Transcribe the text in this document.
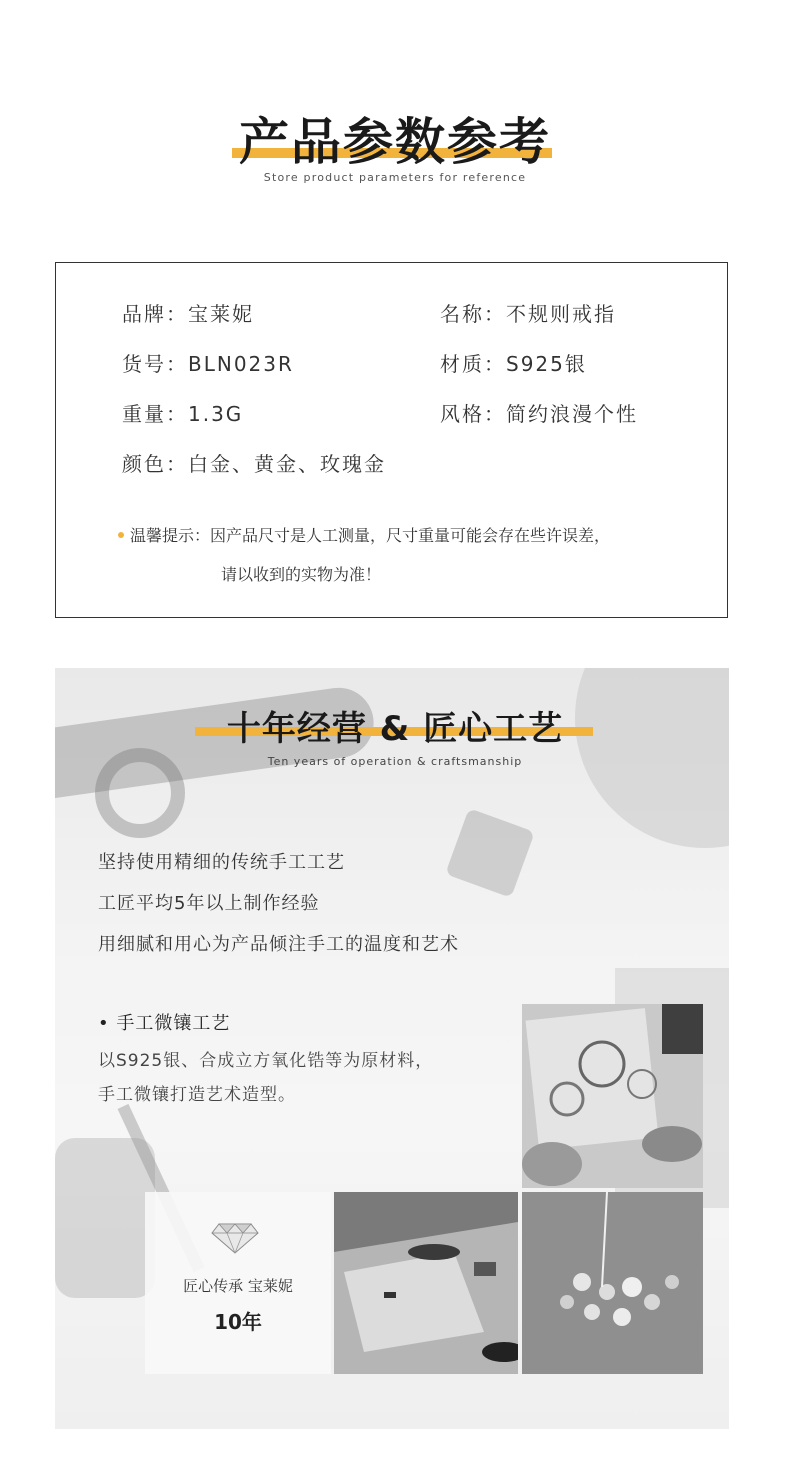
产品参数参考
Store product parameters for reference
品牌：宝莱妮	名称：不规则戒指
货号：BLN023R	材质：S925银
重量：1.3G	风格：简约浪漫个性
颜色：白金、黄金、玫瑰金
温馨提示：因产品尺寸是人工测量，尺寸重量可能会存在些许误差，
请以收到的实物为准！
十年经营 & 匠心工艺
Ten years of operation & craftsmanship
坚持使用精细的传统手工工艺
工匠平均5年以上制作经验
用细腻和用心为产品倾注手工的温度和艺术
• 手工微镶工艺
以S925银、合成立方氧化锆等为原材料，
手工微镶打造艺术造型。
匠心传承 宝莱妮
10年
